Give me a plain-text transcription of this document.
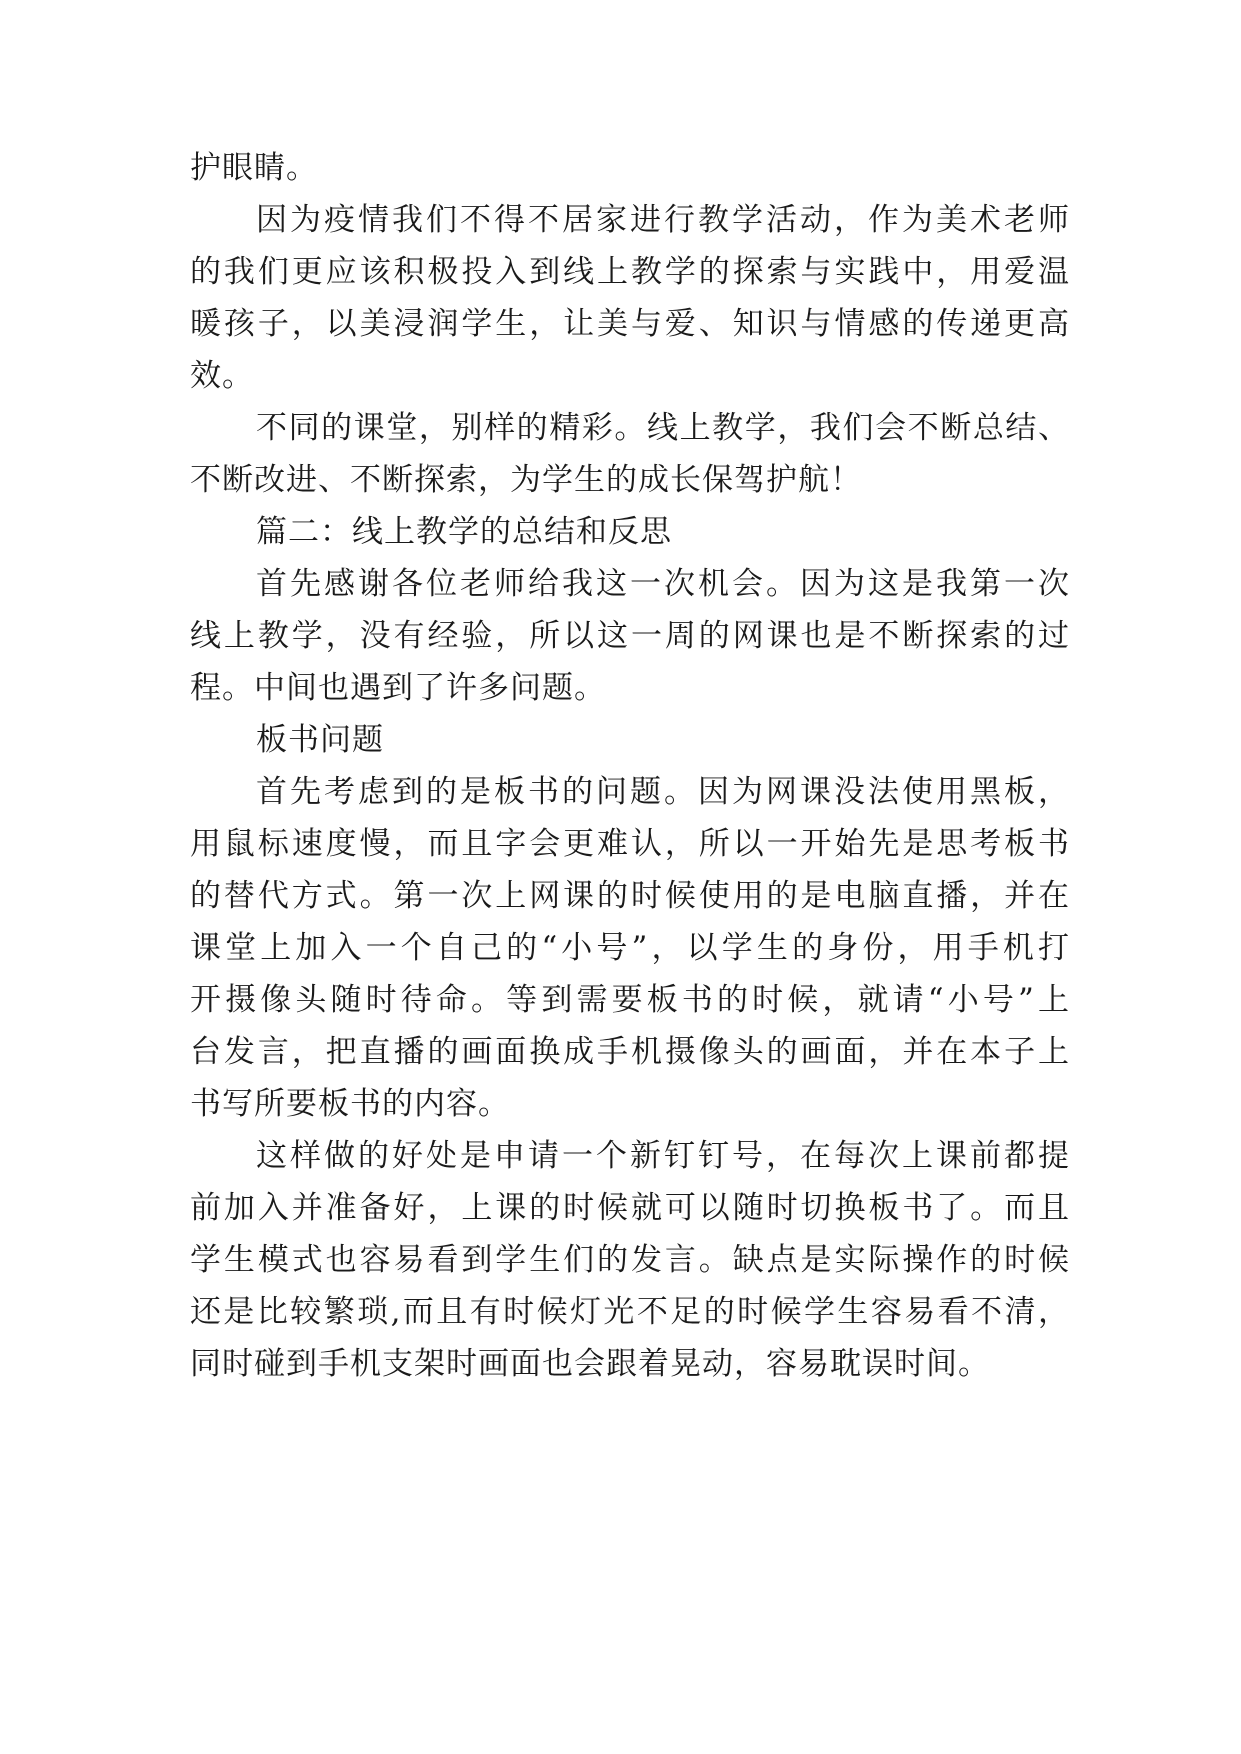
护眼睛。
因为疫情我们不得不居家进行教学活动，作为美术老师
的我们更应该积极投入到线上教学的探索与实践中，用爱温
暖孩子，以美浸润学生，让美与爱、知识与情感的传递更高
效。
不同的课堂，别样的精彩。线上教学，我们会不断总结、
不断改进、不断探索，为学生的成长保驾护航！
篇二：线上教学的总结和反思
首先感谢各位老师给我这一次机会。因为这是我第一次
线上教学，没有经验，所以这一周的网课也是不断探索的过
程。中间也遇到了许多问题。
板书问题
首先考虑到的是板书的问题。因为网课没法使用黑板，
用鼠标速度慢，而且字会更难认，所以一开始先是思考板书
的替代方式。第一次上网课的时候使用的是电脑直播，并在
课堂上加入一个自己的“小号”，以学生的身份，用手机打
开摄像头随时待命。等到需要板书的时候，就请“小号”上
台发言，把直播的画面换成手机摄像头的画面，并在本子上
书写所要板书的内容。
这样做的好处是申请一个新钉钉号，在每次上课前都提
前加入并准备好，上课的时候就可以随时切换板书了。而且
学生模式也容易看到学生们的发言。缺点是实际操作的时候
还是比较繁琐,而且有时候灯光不足的时候学生容易看不清，
同时碰到手机支架时画面也会跟着晃动，容易耽误时间。
